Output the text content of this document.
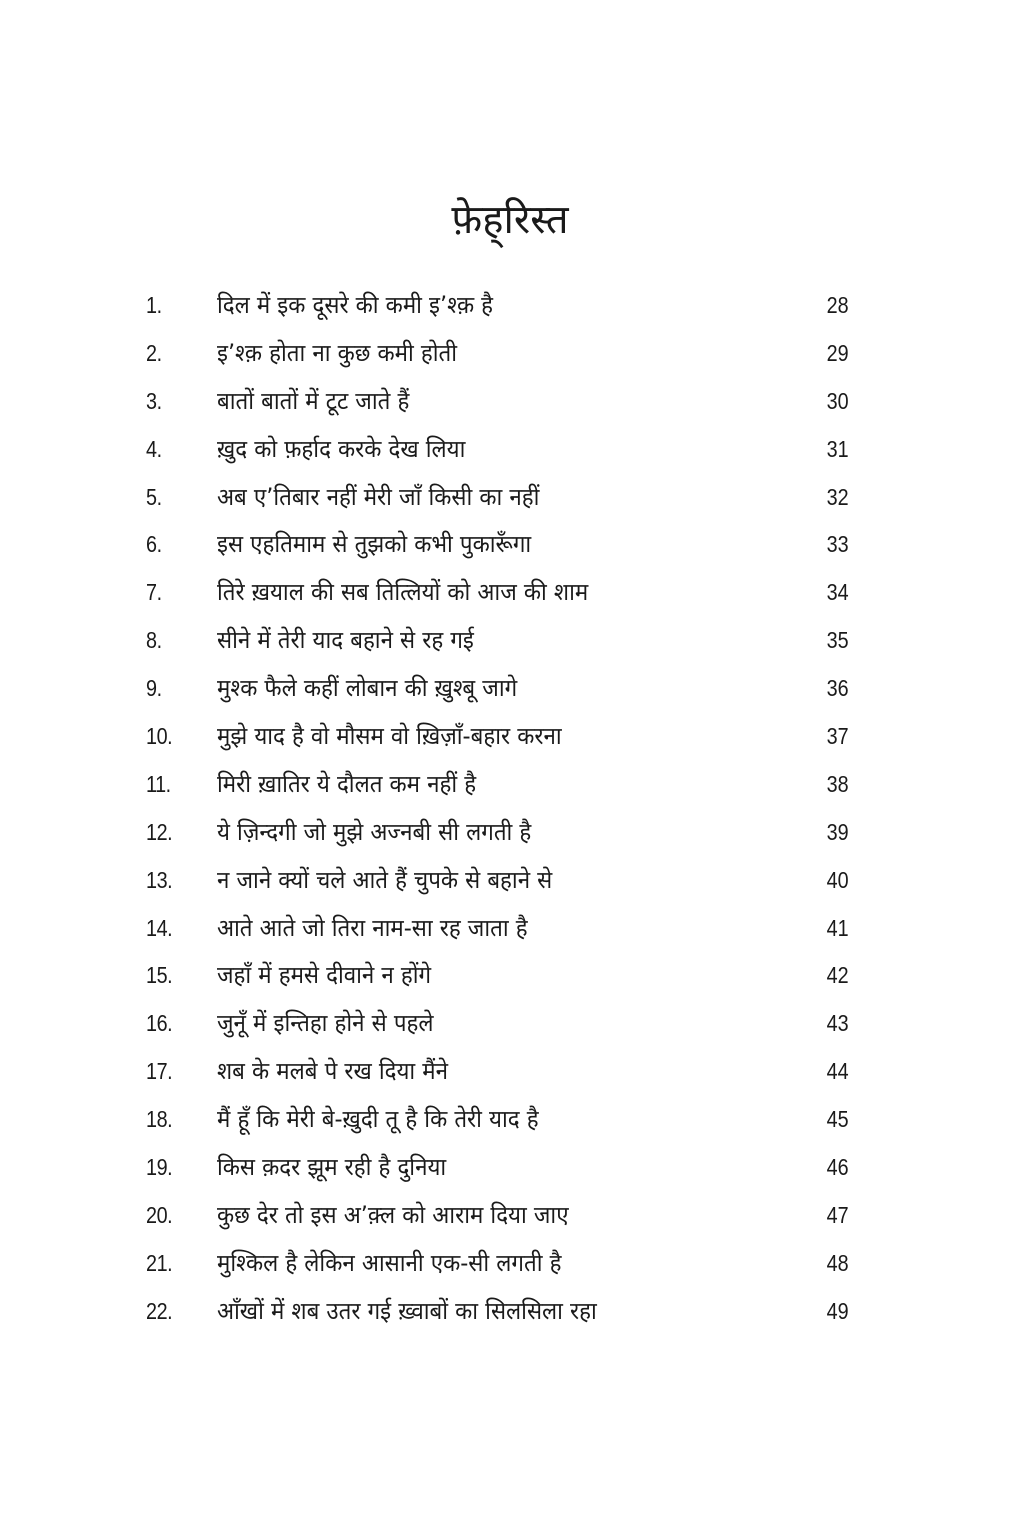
फ़ेह्‌रिस्त
1. दिल में इक दूसरे की कमी इ’श्क़ है	28
2. इ’श्क़ होता ना कुछ कमी होती	29
3. बातों बातों में टूट जाते हैं	30
4. ख़ुद को फ़र्हाद करके देख लिया	31
5. अब ए’तिबार नहीं मेरी जाँ किसी का नहीं	32
6. इस एहतिमाम से तुझको कभी पुकारूँगा	33
7. तिरे ख़याल की सब तित्लियों को आज की शाम	34
8. सीने में तेरी याद बहाने से रह गई	35
9. मुश्क फैले कहीं लोबान की ख़ुश्बू जागे	36
10. मुझे याद है वो मौसम वो ख़िज़ाँ-बहार करना	37
11. मिरी ख़ातिर ये दौलत कम नहीं है	38
12. ये ज़िन्दगी जो मुझे अज्नबी सी लगती है	39
13. न जाने क्यों चले आते हैं चुपके से बहाने से	40
14. आते आते जो तिरा नाम-सा रह जाता है	41
15. जहाँ में हमसे दीवाने न होंगे	42
16. जुनूँ में इन्तिहा होने से पहले	43
17. शब के मलबे पे रख दिया मैंने	44
18. मैं हूँ कि मेरी बे-ख़ुदी तू है कि तेरी याद है	45
19. किस क़दर झूम रही है दुनिया	46
20. कुछ देर तो इस अ’क़्ल को आराम दिया जाए	47
21. मुश्किल है लेकिन आसानी एक-सी लगती है	48
22. आँखों में शब उतर गई ख़्वाबों का सिलसिला रहा	49
